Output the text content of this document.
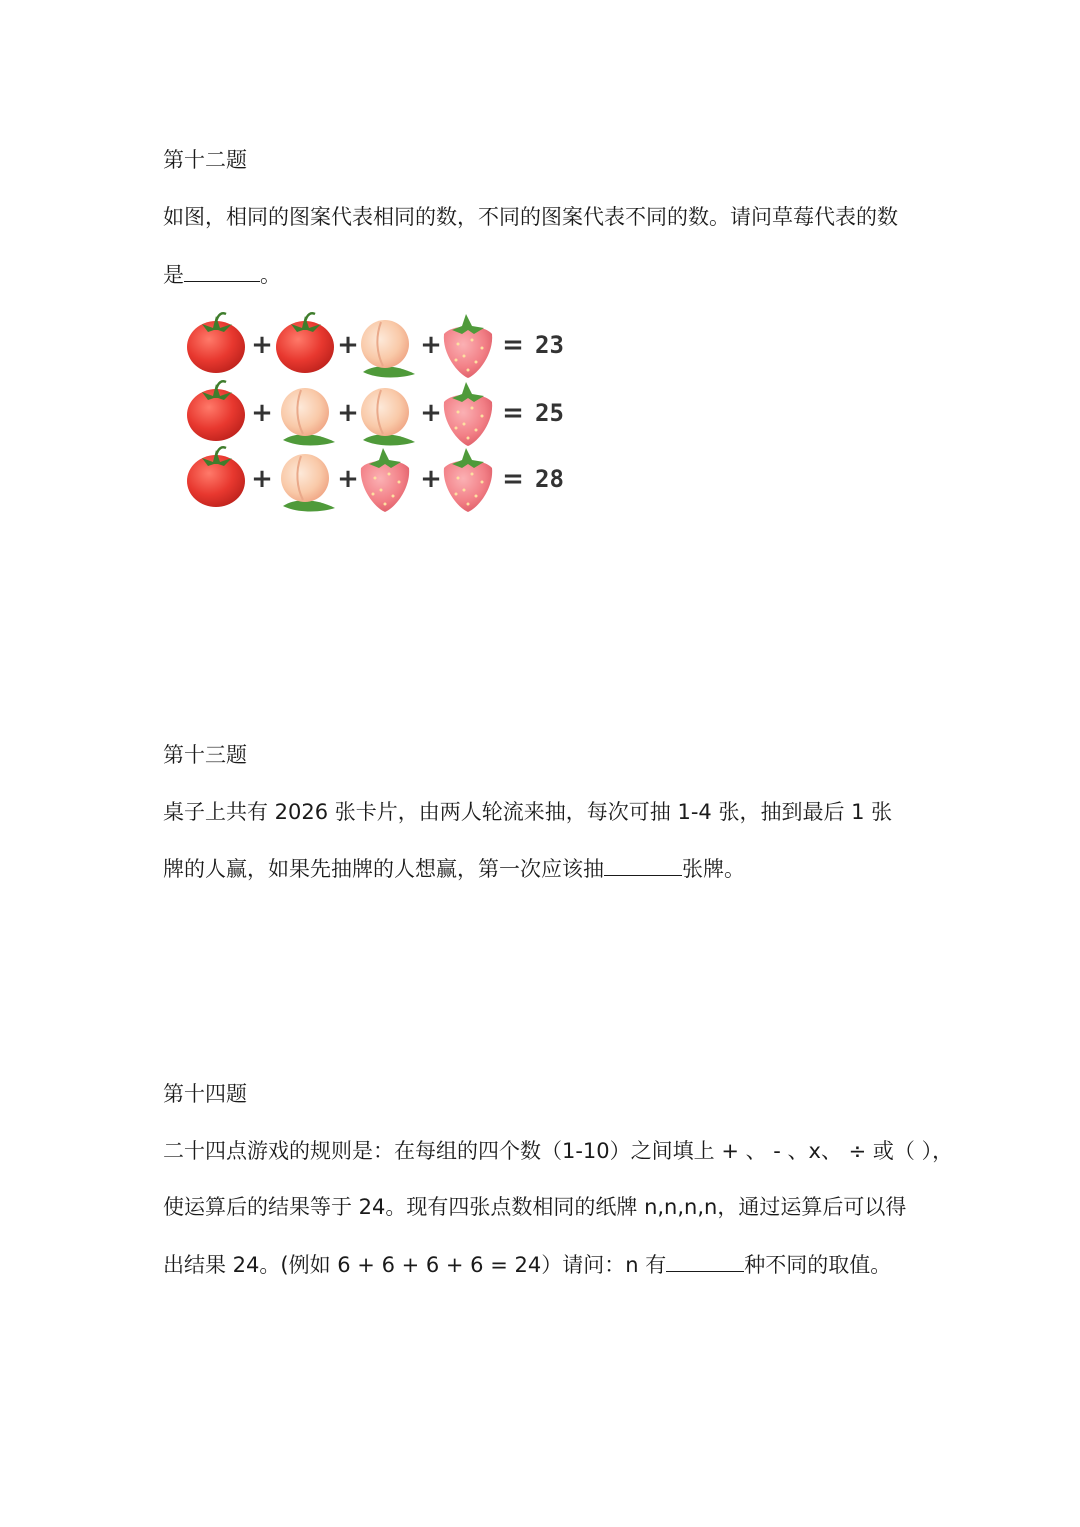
第十二题
如图，相同的图案代表相同的数，不同的图案代表不同的数。请问草莓代表的数
是	。
+ + + = 23
+ + + = 25
+ + + = 28
第十三题
桌子上共有 2026 张卡片，由两人轮流来抽，每次可抽 1-4 张，抽到最后 1 张
牌的人赢，如果先抽牌的人想赢，第一次应该抽	张牌。
第十四题
二十四点游戏的规则是：在每组的四个数（1-10）之间填上 + 、 - 、x、 ÷ 或（ ），
使运算后的结果等于 24。现有四张点数相同的纸牌 n,n,n,n，通过运算后可以得
出结果 24。(例如 6 + 6 + 6 + 6 = 24）请问：n 有	种不同的取值。
